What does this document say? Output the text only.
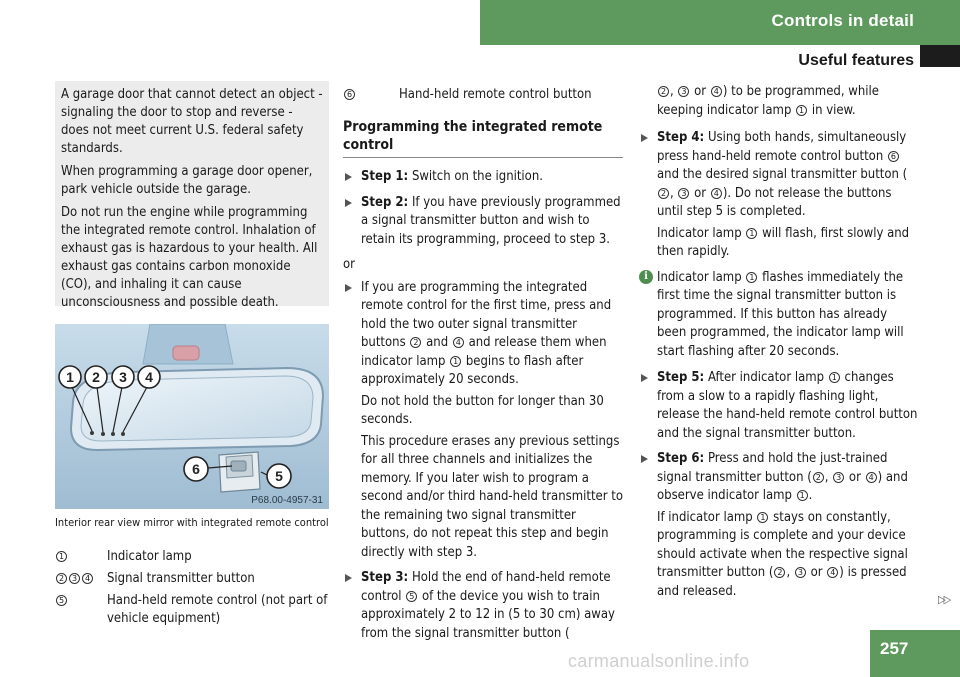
Controls in detail
Useful features

A garage door that cannot detect an object - signaling the door to stop and reverse - does not meet current U.S. federal safety standards.

When programming a garage door opener, park vehicle outside the garage.

Do not run the engine while programming the integrated remote control. Inhalation of exhaust gas is hazardous to your health. All exhaust gas contains carbon monoxide (CO), and inhaling it can cause unconsciousness and possible death.

1 2 3 4
6	5
P68.00-4957-31
Interior rear view mirror with integrated remote control
1	Indicator lamp
2 3 4	Signal transmitter button
5	Hand-held remote control (not part of vehicle equipment)
6	Hand-held remote control button
Programming the integrated remote control

Step 1: Switch on the ignition.

Step 2: If you have previously programmed a signal transmitter button and wish to retain its programming, proceed to step 3.

or

If you are programming the integrated remote control for the first time, press and hold the two outer signal transmitter buttons 2 and 4 and release them when indicator lamp 1 begins to flash after approximately 20 seconds.

Do not hold the button for longer than 30 seconds.

This procedure erases any previous settings for all three channels and initializes the memory. If you later wish to program a second and/or third hand-held transmitter to the remaining two signal transmitter buttons, do not repeat this step and begin directly with step 3.

Step 3: Hold the end of hand-held remote control 5 of the device you wish to train approximately 2 to 12 in (5 to 30 cm) away from the signal transmitter button (

2 , 3 or 4 ) to be programmed, while keeping indicator lamp 1 in view.

Step 4: Using both hands, simultaneously press hand-held remote control button 6 and the desired signal transmitter button (2 , 3 or 4 ). Do not release the buttons until step 5 is completed.

Indicator lamp 1 will flash, first slowly and then rapidly.

i Indicator lamp 1 flashes immediately the first time the signal transmitter button is programmed. If this button has already been programmed, the indicator lamp will start flashing after 20 seconds.

Step 5: After indicator lamp 1 changes from a slow to a rapidly flashing light, release the hand-held remote control button and the signal transmitter button.

Step 6: Press and hold the just-trained signal transmitter button ( 2 , 3 or 4 ) and observe indicator lamp 1 .

If indicator lamp 1 stays on constantly, programming is complete and your device should activate when the respective signal transmitter button ( 2 , 3 or 4 ) is pressed and released.

▷▷
carmanualsonline.info
257
